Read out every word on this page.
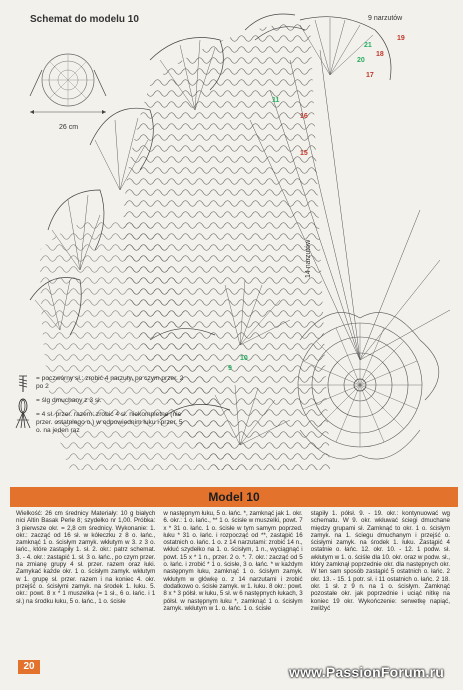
Schemat do modelu 10	9 narzutów
26 cm
19
18
17
16
15
21
20
11
10
9
= poczwórny sł.: zrobić 4 narzuty, po czym przer. 2 po 2
= ślg dmuchany z 3 sł.
= 4 sł. przer. razem: zrobić 4 sł. niekompletne (nie przer. ostatniego o.) w odpowiednim łuku i przer. 5 o. na jeden raz
Model 10
Wielkość: 26 cm średnicy Materiały: 10 g białych nici Altin Basak Perle 8; szydełko nr 1,00. Próbka: 3 pierwsze okr. = 2,8 cm średnicy. Wykonanie: 1. okr.: zacząć od 16 sł. w kółeczku z 8 o. łańc., zamknąć 1 o. ścisłym zamyk. wkłutym w 3. z 3 o. łańc., które zastąpiły 1. sł. 2. okr.: patrz schemat. 3. - 4. okr.: zastąpić 1. sł. 3 o. łańc., po czym przer. na zmianę grupy 4 sł. przer. razem oraz łuki. Zamykać każde okr. 1 o. ścisłym zamyk. wkłutym w 1. grupę sł. przer. razem i na koniec 4. okr. przejść o. ścisłymi zamyk. na środek 1. łuku. 5. okr.: powt. 8 x * 1 muszelka (= 1 sł., 6 o. łańc. i 1 sł.) na środku łuku, 5 o. łańc., 1 o. ścisłe
w następnym łuku, 5 o. łańc. *, zamknąć jak 1. okr. 6. okr.: 1 o. łańc., ** 1 o. ścisłe w muszelki, powt. 7 x * 31 o. łańc. 1 o. ścisłe w tym samym poprzed. łuku * 31 o. łańc. i rozpocząć od **, zastąpić 16 ostatnich o. łańc. 1 o. z 14 narzutami: zrobić 14 n., wkłuć szydełko na 1. o. ścisłym, 1 n., wyciągnąć i powt. 15 x * 1 n., przer. 2 o. *. 7. okr.: zacząć od 5 o. łańc. i zrobić * 1 o. ścisłe, 3 o. łańc. * w każdym następnym łuku, zamknąć 1 o. ścisłym zamyk. wkłutym w główkę o. z 14 narzutami i zrobić dodatkowo o. ścisłe zamyk. w 1. łuku. 8 okr.: powt. 8 x * 3 półsł. w łuku, 5 sł. w 6 następnych łukach, 3 półsł. w następnym łuku *, zamknąć 1 o. ścisłym zamyk. wkłutym w 1. o. łańc. 1 o. ścisłe
stąpiły 1. półsł. 9. - 19. okr.: kontynuować wg schematu. W 9. okr. wkłuwać ściegi dmuchane między grupami sł. Zamknąć to okr. 1 o. ścisłym zamyk. na 1. ściegu dmuchanym i przejść o. ścisłymi zamyk. na środek 1. łuku. Zastąpić 4 ostatnie o. łańc. 12. okr. 10. - 12. 1 podw. sł. wkłutym w 1. o. ściśle dla 10. okr. oraz w podw. sł., który zamknął poprzednie okr. dla następnych okr. W ten sam sposób zastąpić 5 ostatnich o. łańc. 2 okr. 13. - 15. 1 potr. sł. i 11 ostatnich o. łańc. 2 18. okr. 1 sł. z 9 n. na 1 o. ścisłym. Zamknąć pozostałe okr. jak poprzednie i uciąć nitkę na koniec 19 okr. Wykończenie: serwetkę napiąć, zwilżyć
20	www.PassionForum.ru
